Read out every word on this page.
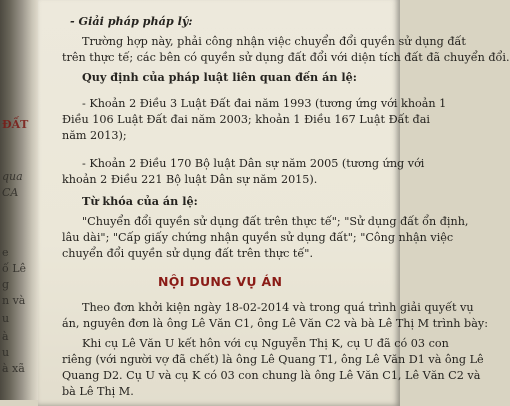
ĐẤT
qua
CA
e
ố Lê
g
n và
u
à
u
à xã
- Giải pháp pháp lý:
Trường hợp này, phải công nhận việc chuyển đổi quyền sử dụng đất
trên thực tế; các bên có quyền sử dụng đất đổi với diện tích đất đã chuyển đổi.
Quy định của pháp luật liên quan đến án lệ:
- Khoản 2 Điều 3 Luật Đất đai năm 1993 (tương ứng với khoản 1
Điều 106 Luật Đất đai năm 2003; khoản 1 Điều 167 Luật Đất đai
năm 2013);
- Khoản 2 Điều 170 Bộ luật Dân sự năm 2005 (tương ứng với
khoản 2 Điều 221 Bộ luật Dân sự năm 2015).
Từ khóa của án lệ:
"Chuyển đổi quyền sử dụng đất trên thực tế"; "Sử dụng đất ổn định,
lâu dài"; "Cấp giấy chứng nhận quyền sử dụng đất"; "Công nhận việc
chuyển đổi quyền sử dụng đất trên thực tế".
NỘI DUNG VỤ ÁN
Theo đơn khởi kiện ngày 18-02-2014 và trong quá trình giải quyết vụ
án, nguyên đơn là ông Lê Văn C1, ông Lê Văn C2 và bà Lê Thị M trình bày:
Khi cụ Lê Văn U kết hôn với cụ Nguyễn Thị K, cụ U đã có 03 con
riêng (với người vợ đã chết) là ông Lê Quang T1, ông Lê Văn D1 và ông Lê
Quang D2. Cụ U và cụ K có 03 con chung là ông Lê Văn C1, Lê Văn C2 và
bà Lê Thị M.
